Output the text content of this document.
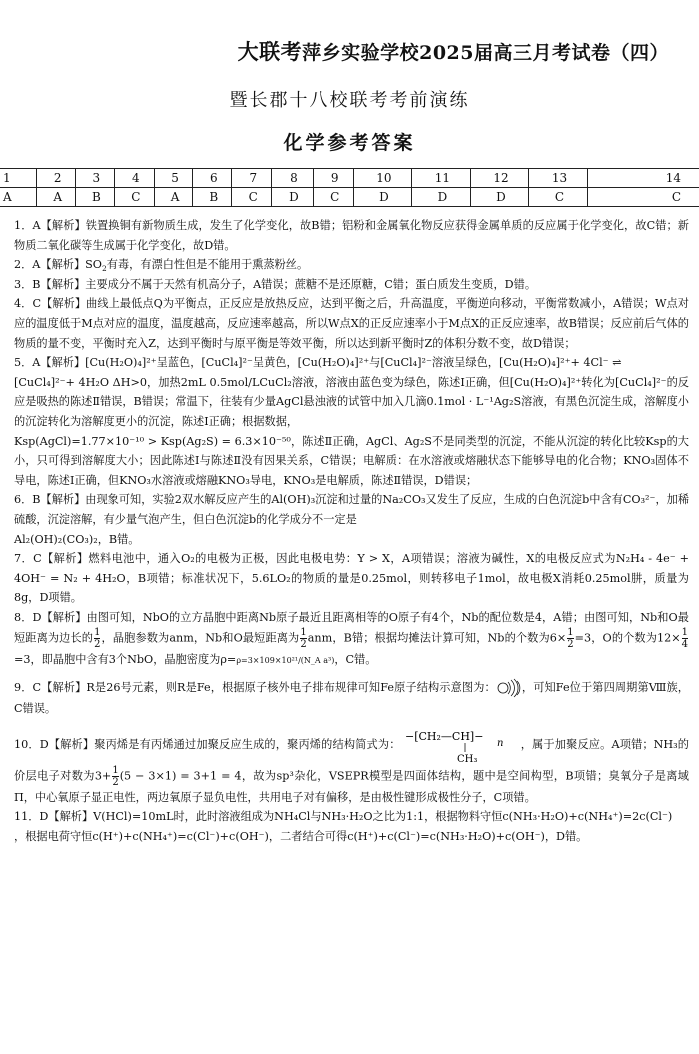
大联考萍乡实验学校2025届高三月考试卷（四）
暨长郡十八校联考考前演练
化学参考答案
1	2	3	4	5	6	7	8	9	10	11	12	13	14
A	A	B	C	A	B	C	D	C	D	D	D	C	C

1．A【解析】铁置换铜有新物质生成，发生了化学变化，故B错；铝粉和金属氧化物反应获得金属单质的反应属于化学变化，故C错；新物质二氧化碳等生成属于化学变化，故D错。

2．A【解析】$SO_2$有毒，有漂白性但是不能用于熏蒸粉丝。

3．B【解析】主要成分不属于天然有机高分子，A错误；蔗糖不是还原糖，C错；蛋白质发生变质，D错。

4．C【解析】曲线上最低点Q为平衡点，正反应是放热反应，达到平衡之后，升高温度，平衡逆向移动，平衡常数减小，A错误；W点对应的温度低于M点对应的温度，温度越高，反应速率越高，所以W点X的正反应速率小于M点X的正反应速率，故B错误；反应前后气体的物质的量不变，平衡时充入Z，达到平衡时与原平衡是等效平衡，所以达到新平衡时Z的体积分数不变，故D错误；

5．A【解析】[Cu(H₂O)₄]²⁺呈蓝色，[CuCl₄]²⁻呈黄色，[Cu(H₂O)₄]²⁺与[CuCl₄]²⁻溶液呈绿色，[Cu(H₂O)₄]²⁺+ 4Cl⁻ ⇌

[CuCl₄]²⁻+ 4H₂O ΔH>0，加热2mL 0.5mol/LCuCl₂溶液，溶液由蓝色变为绿色，陈述Ⅰ正确，但[Cu(H₂O)₄]²⁺转化为[CuCl₄]²⁻的反应是吸热的陈述Ⅱ错误，B错误；常温下，往装有少量AgCl悬浊液的试管中加入几滴0.1mol · L⁻¹Ag₂S溶液，有黑色沉淀生成，溶解度小的沉淀转化为溶解度更小的沉淀，陈述Ⅰ正确；根据数据，

Ksp(AgCl)=1.77×10⁻¹⁰ > Ksp(Ag₂S) = 6.3×10⁻⁵⁰，陈述Ⅱ正确，AgCl、Ag₂S不是同类型的沉淀，不能从沉淀的转化比较Ksp的大小，只可得到溶解度大小；因此陈述Ⅰ与陈述Ⅱ没有因果关系，C错误；电解质：在水溶液或熔融状态下能够导电的化合物；KNO₃固体不导电，陈述Ⅰ正确，但KNO₃水溶液或熔融KNO₃导电，KNO₃是电解质，陈述Ⅱ错误，D错误；

6．B【解析】由现象可知，实验2双水解反应产生的Al(OH)₃沉淀和过量的Na₂CO₃又发生了反应，生成的白色沉淀b中含有CO₃²⁻，加稀硫酸，沉淀溶解，有少量气泡产生，但白色沉淀b的化学成分不一定是

Al₂(OH)₂(CO₃)₂，B错。

7．C【解析】燃料电池中，通入O₂的电极为正极，因此电极电势：Y > X，A项错误；溶液为碱性，X的电极反应式为N₂H₄ - 4e⁻ + 4OH⁻ = N₂ + 4H₂O，B项错；标准状况下，5.6LO₂的物质的量是0.25mol，则转移电子1mol，故电极X消耗0.25mol肼，质量为8g，D项错。

8．D【解析】由图可知，NbO的立方晶胞中距离Nb原子最近且距离相等的O原子有4个，Nb的配位数是4，A错；由图可知，Nb和O最短距离为边长的 $\frac{1}{2}$ ，晶胞参数为anm，Nb和O最短距离为 $\frac{1}{2}$ anm，B错；根据均摊法计算可知，Nb的个数为$6\times \frac{1}{2} =3$，O的个数为$12\times \frac{1}{4}$
=3，即晶胞中含有3个NbO，晶胞密度为ρ=ρ=3×109×10²¹/(N_A a³)，C错。

9．C【解析】R是26号元素，则R是Fe，根据原子核外电子排布规律可知Fe原子结构示意图为： ，可知Fe位于第四周期第Ⅷ族，C错误。

10．D【解析】聚丙烯是有丙烯通过加聚反应生成的，聚丙烯的结构简式为：
−[CH₂—CH]−
n
CH₃
，属于加聚反应。A项错；NH₃的价层电子对数为$3+ \frac{1}{2} (5 - 3\times 1) = 3+1 = 4$，故为sp³杂化，VSEPR模型是四面体结构，题中是空间构型，B项错；臭氧分子是离域Π，中心氧原子显正电性，两边氧原子显负电性，共用电子对有偏移，是由极性键形成极性分子，C项错。

11．D【解析】V(HCl)=10mL时，此时溶液组成为NH₄Cl与NH₃·H₂O之比为1:1，根据物料守恒c(NH₃·H₂O)+c(NH₄⁺)=2c(Cl⁻)

，根据电荷守恒c(H⁺)+c(NH₄⁺)=c(Cl⁻)+c(OH⁻)，二者结合可得c(H⁺)+c(Cl⁻)=c(NH₃·H₂O)+c(OH⁻)，D错。
